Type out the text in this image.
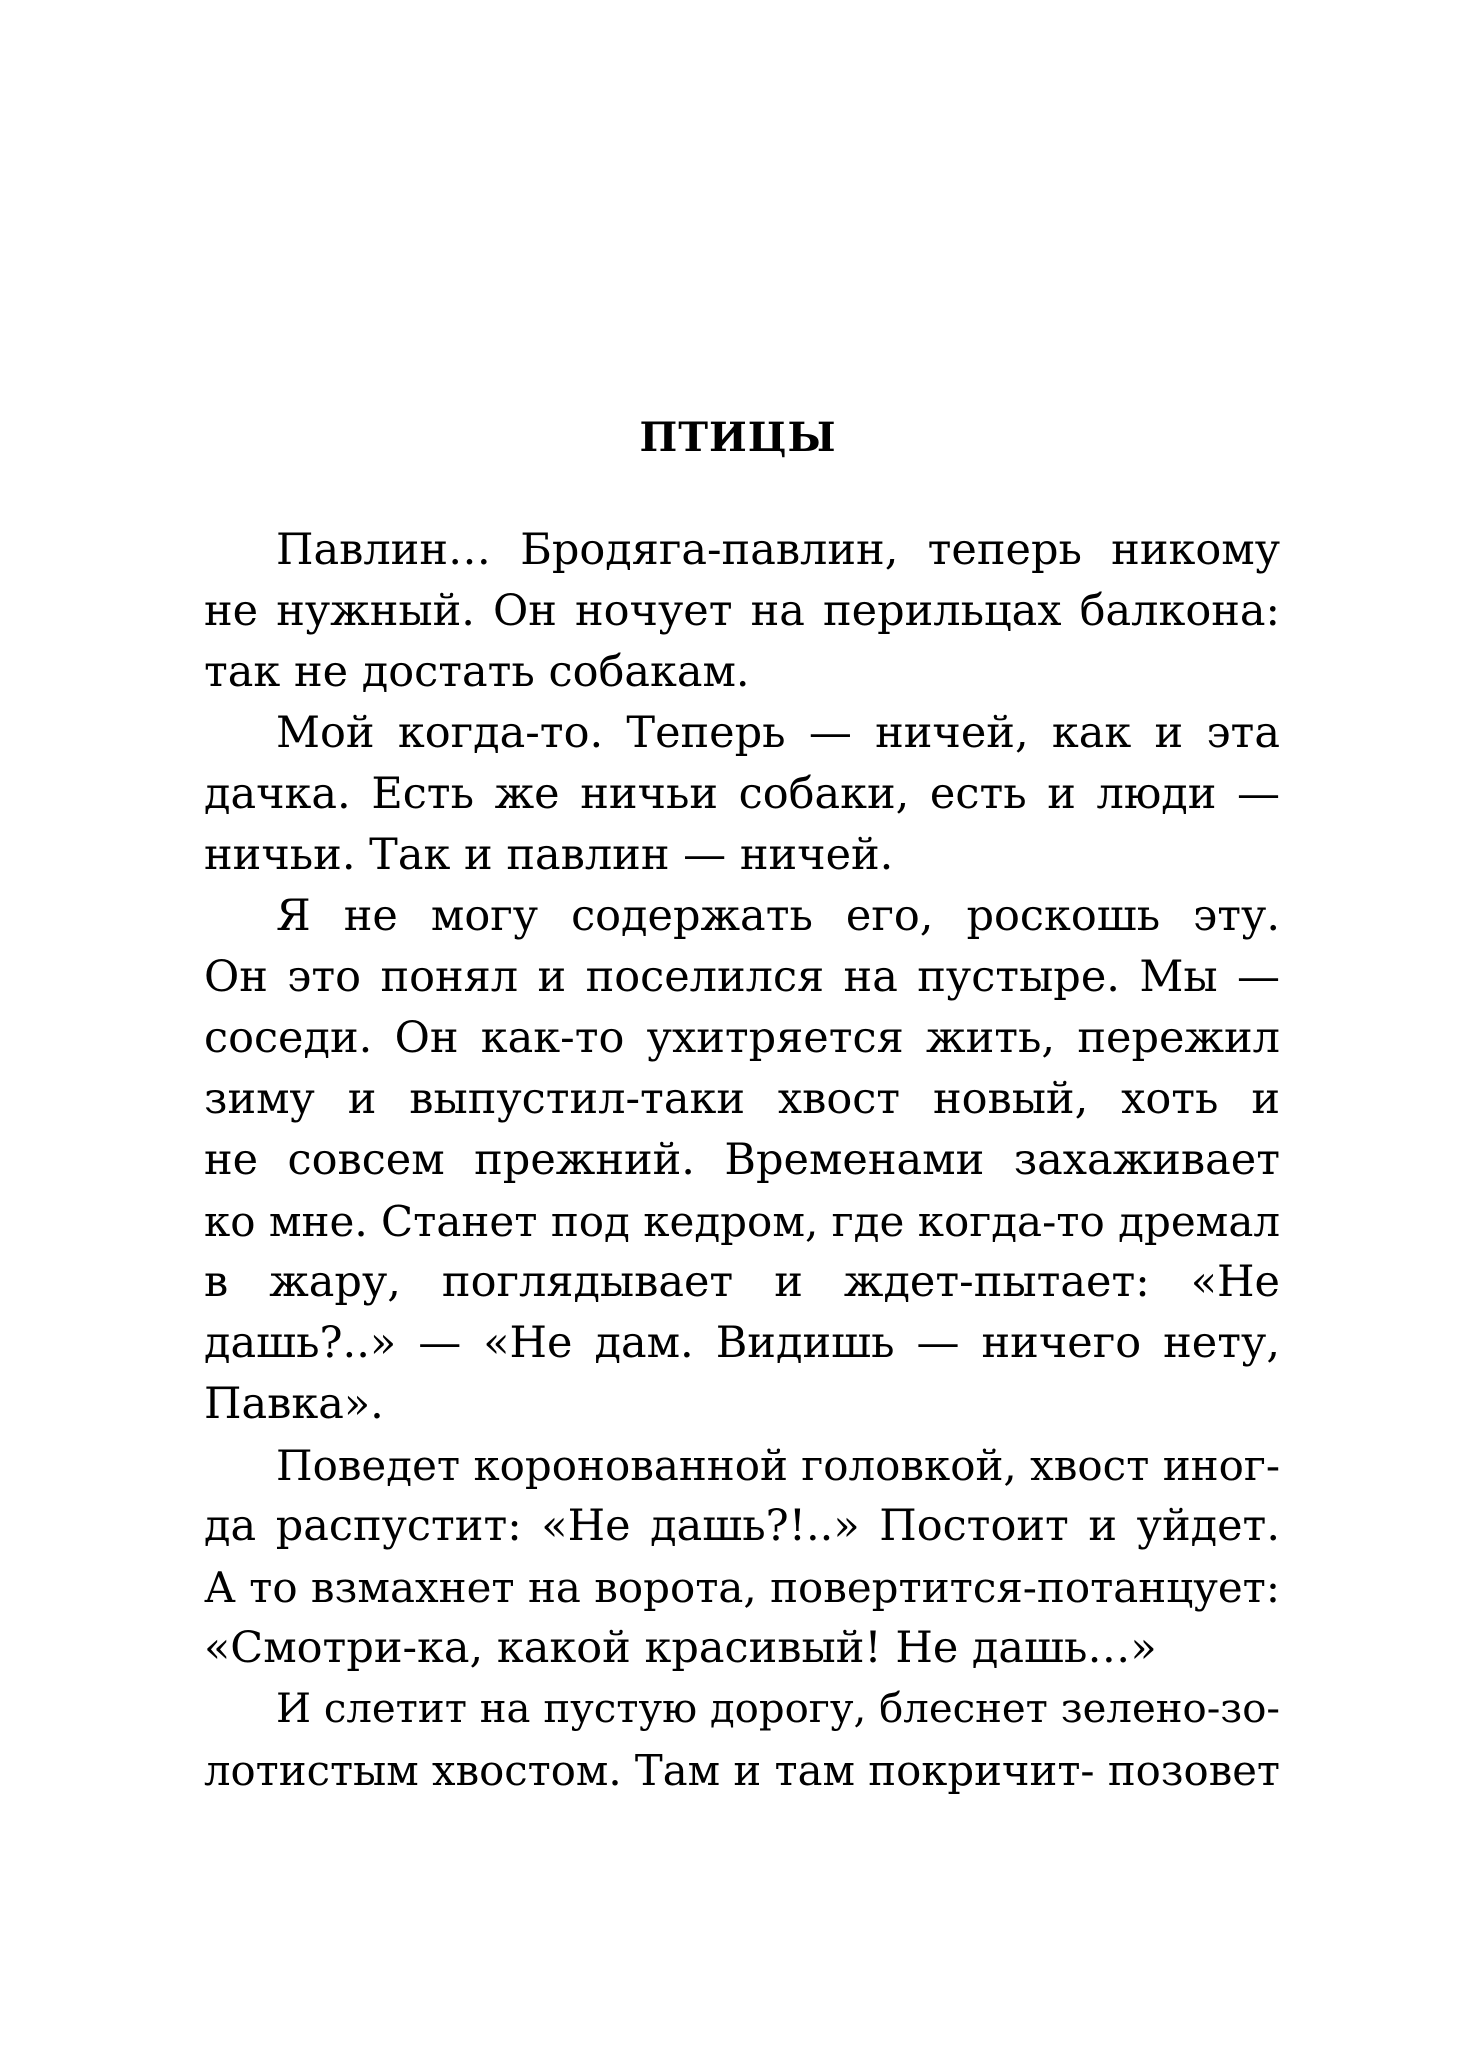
ПТИЦЫ
Павлин… Бродяга-павлин, теперь никому
не нужный. Он ночует на перильцах балкона:
так не достать собакам.
Мой когда-то. Теперь — ничей, как и эта
дачка. Есть же ничьи собаки, есть и люди —
ничьи. Так и павлин — ничей.
Я не могу содержать его, роскошь эту.
Он это понял и поселился на пустыре. Мы —
соседи. Он как-то ухитряется жить, пережил
зиму и выпустил-таки хвост новый, хоть и
не совсем прежний. Временами захаживает
ко мне. Станет под кедром, где когда-то дремал
в жару, поглядывает и ждет-пытает: «Не
дашь?..» — «Не дам. Видишь — ничего нету,
Павка».
Поведет коронованной головкой, хвост иног-
да распустит: «Не дашь?!..» Постоит и уйдет.
А то взмахнет на ворота, повертится-потанцует:
«Смотри-ка, какой красивый! Не дашь…»
И слетит на пустую дорогу, блеснет зелено-зо-
лотистым хвостом. Там и там покричит- позовет
